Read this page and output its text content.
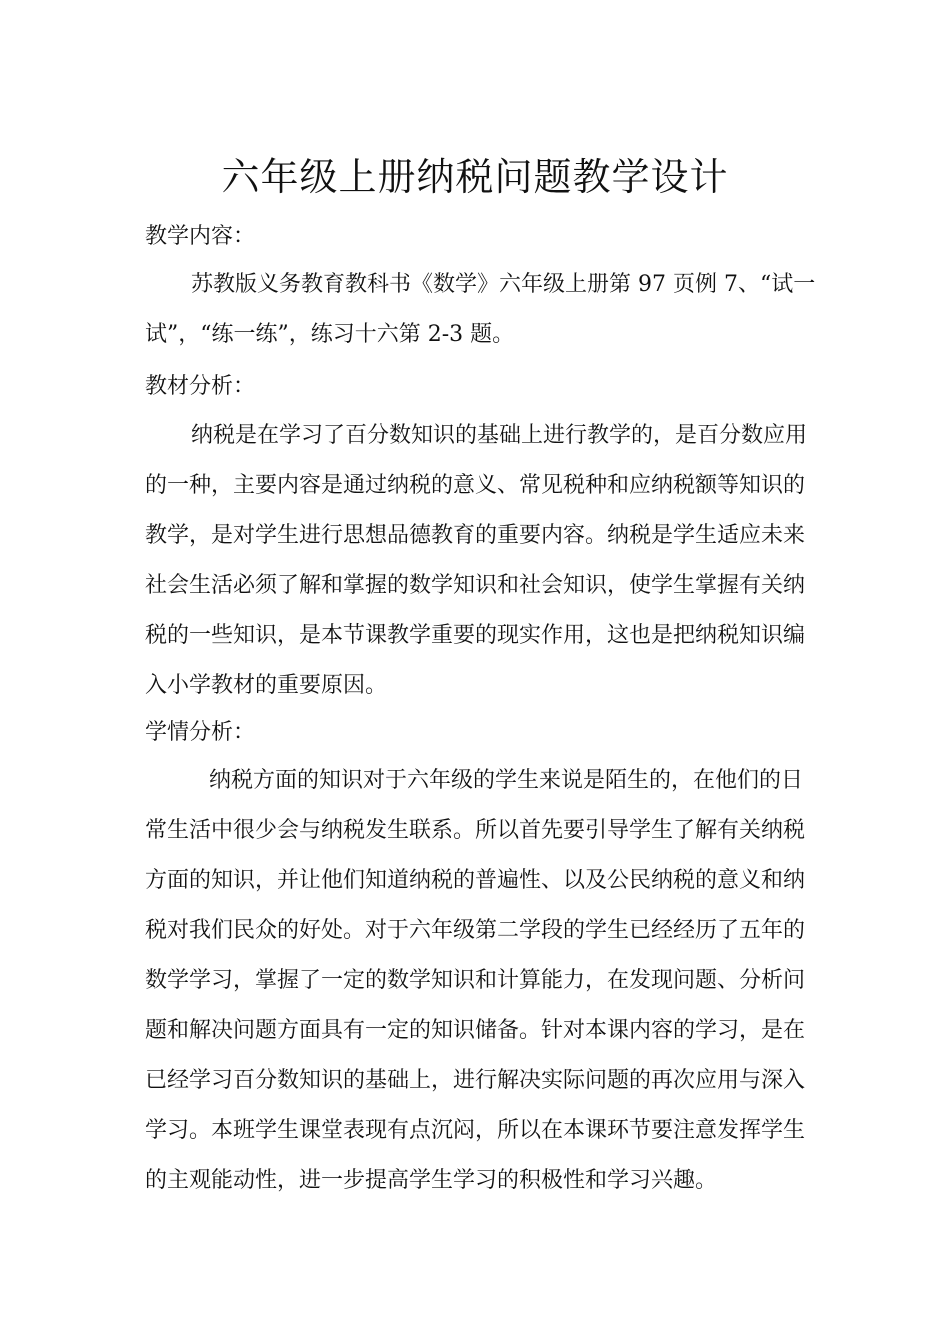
六年级上册纳税问题教学设计

教学内容：

苏教版义务教育教科书《数学》六年级上册第 97 页例 7、“试一
试”，“练一练”，练习十六第 2-3 题。

教材分析：

纳税是在学习了百分数知识的基础上进行教学的，是百分数应用
的一种，主要内容是通过纳税的意义、常见税种和应纳税额等知识的
教学，是对学生进行思想品德教育的重要内容。纳税是学生适应未来
社会生活必须了解和掌握的数学知识和社会知识，使学生掌握有关纳
税的一些知识，是本节课教学重要的现实作用，这也是把纳税知识编
入小学教材的重要原因。

学情分析：

纳税方面的知识对于六年级的学生来说是陌生的，在他们的日
常生活中很少会与纳税发生联系。所以首先要引导学生了解有关纳税
方面的知识，并让他们知道纳税的普遍性、以及公民纳税的意义和纳
税对我们民众的好处。对于六年级第二学段的学生已经经历了五年的
数学学习，掌握了一定的数学知识和计算能力，在发现问题、分析问
题和解决问题方面具有一定的知识储备。针对本课内容的学习，是在
已经学习百分数知识的基础上，进行解决实际问题的再次应用与深入
学习。本班学生课堂表现有点沉闷，所以在本课环节要注意发挥学生
的主观能动性，进一步提高学生学习的积极性和学习兴趣。
